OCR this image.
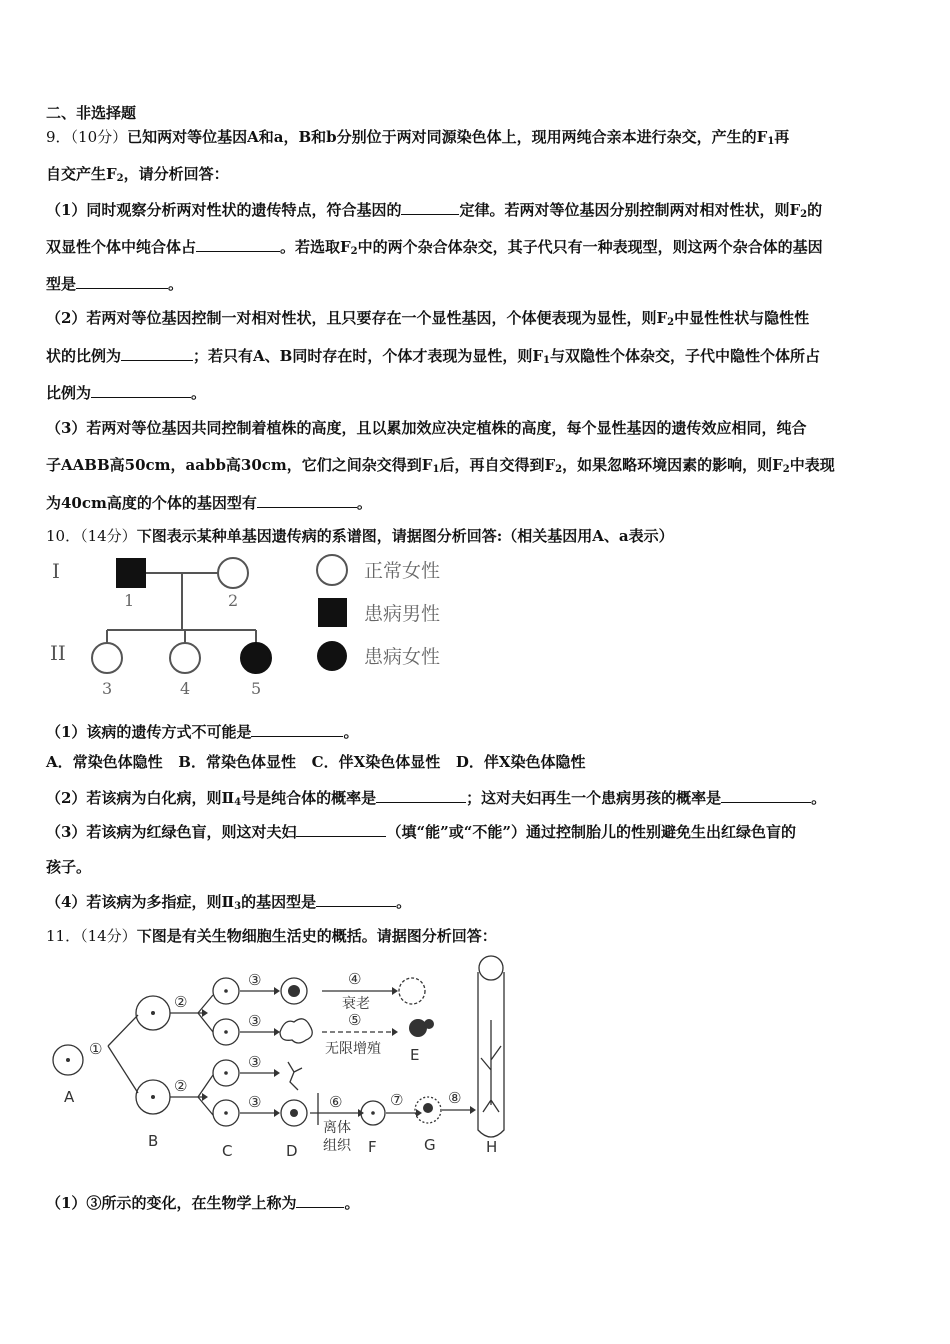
二、非选择题
9．（10分）已知两对等位基因A和a，B和b分别位于两对同源染色体上，现用两纯合亲本进行杂交，产生的$F_1$再
自交产生$F_2$，请分析回答：
（1）同时观察分析两对性状的遗传特点，符合基因的	定律。若两对等位基因分别控制两对相对性状，则$F_2$的
双显性个体中纯合体占	。若选取$F_2$中的两个杂合体杂交，其子代只有一种表现型，则这两个杂合体的基因
型是	。
（2）若两对等位基因控制一对相对性状，且只要存在一个显性基因，个体便表现为显性，则$F_2$中显性性状与隐性性
状的比例为	；若只有A、B同时存在时，个体才表现为显性，则$F_1$与双隐性个体杂交，子代中隐性个体所占
比例为	。
（3）若两对等位基因共同控制着植株的高度，且以累加效应决定植株的高度，每个显性基因的遗传效应相同，纯合
子AABB高50cm，aabb高30cm，它们之间杂交得到$F_1$后，再自交得到$F_2$，如果忽略环境因素的影响，则$F_2$中表现
为40cm高度的个体的基因型有	。
10．（14分）下图表示某种单基因遗传病的系谱图，请据图分析回答:（相关基因用A、a表示）
I
II
1	2
3	4	5
正常女性
患病男性
患病女性
（1）该病的遗传方式不可能是	。
A．常染色体隐性   B．常染色体显性   C．伴X染色体显性   D．伴X染色体隐性
（2）若该病为白化病，则$Ⅱ_4$号是纯合体的概率是	；这对夫妇再生一个患病男孩的概率是	。
（3）若该病为红绿色盲，则这对夫妇	（填“能”或“不能”）通过控制胎儿的性别避免生出红绿色盲的
孩子。
（4）若该病为多指症，则$Ⅱ_3$的基因型是	。
11．（14分）下图是有关生物细胞生活史的概括。请据图分析回答：
①
②
②
③
③
③
③
④
⑤
⑥	⑦	⑧
衰老
无限增殖
离体
组织
A
B
C	D
E
F	G	H
（1）③所示的变化，在生物学上称为	。
